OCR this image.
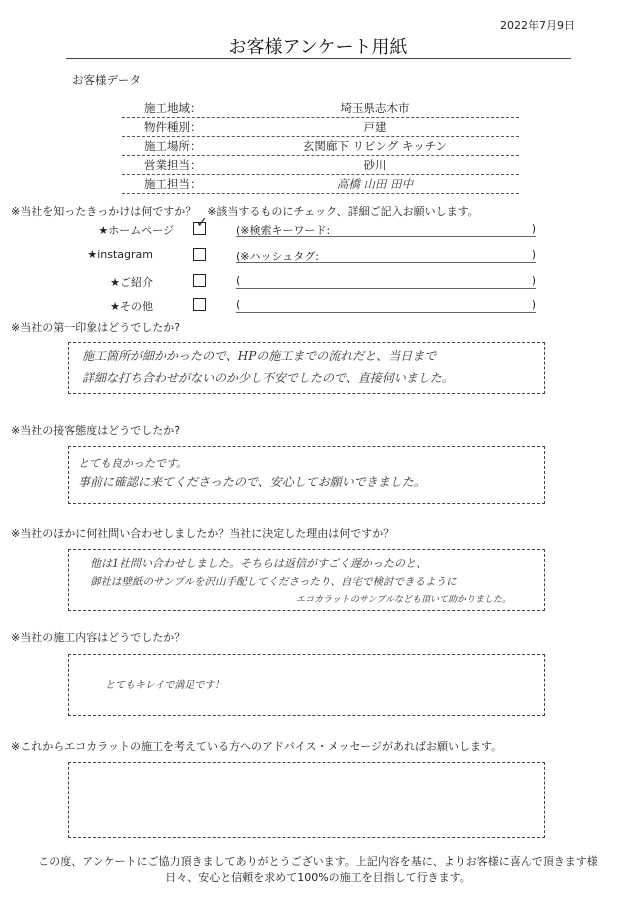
2022年7月9日
お客様アンケート用紙
お客様データ
施工地域：	埼玉県志木市
物件種別：	戸建
施工場所：	玄関廊下 リビング キッチン
営業担当：	砂川
施工担当：	高橋 山田 田中
※当社を知ったきっかけは何ですか？　※該当するものにチェック、詳細ご記入お願いします。
★ホームページ ✓	(※検索キーワード:	)
★instagram	(※ハッシュタグ:	)
★ご紹介	(	)
★その他	(	)
※当社の第一印象はどうでしたか?
施工箇所が細かかったので、HPの施工までの流れだと、当日まで
詳細な打ち合わせがないのか少し不安でしたので、直接伺いました。
※当社の接客態度はどうでしたか?
とても良かったです。
事前に確認に来てくださったので、安心してお願いできました。
※当社のほかに何社問い合わせしましたか？当社に決定した理由は何ですか？
他は1社問い合わせしました。そちらは返信がすごく遅かったのと、
御社は壁紙のサンプルを沢山手配してくださったり、自宅で検討できるように
エコカラットのサンプルなども頂いて助かりました。
※当社の施工内容はどうでしたか？
とてもキレイで満足です！
※これからエコカラットの施工を考えている方へのアドバイス・メッセージがあればお願いします。
この度、アンケートにご協力頂きましてありがとうございます。上記内容を基に、よりお客様に喜んで頂きます様
日々、安心と信頼を求めて100%の施工を目指して行きます。
